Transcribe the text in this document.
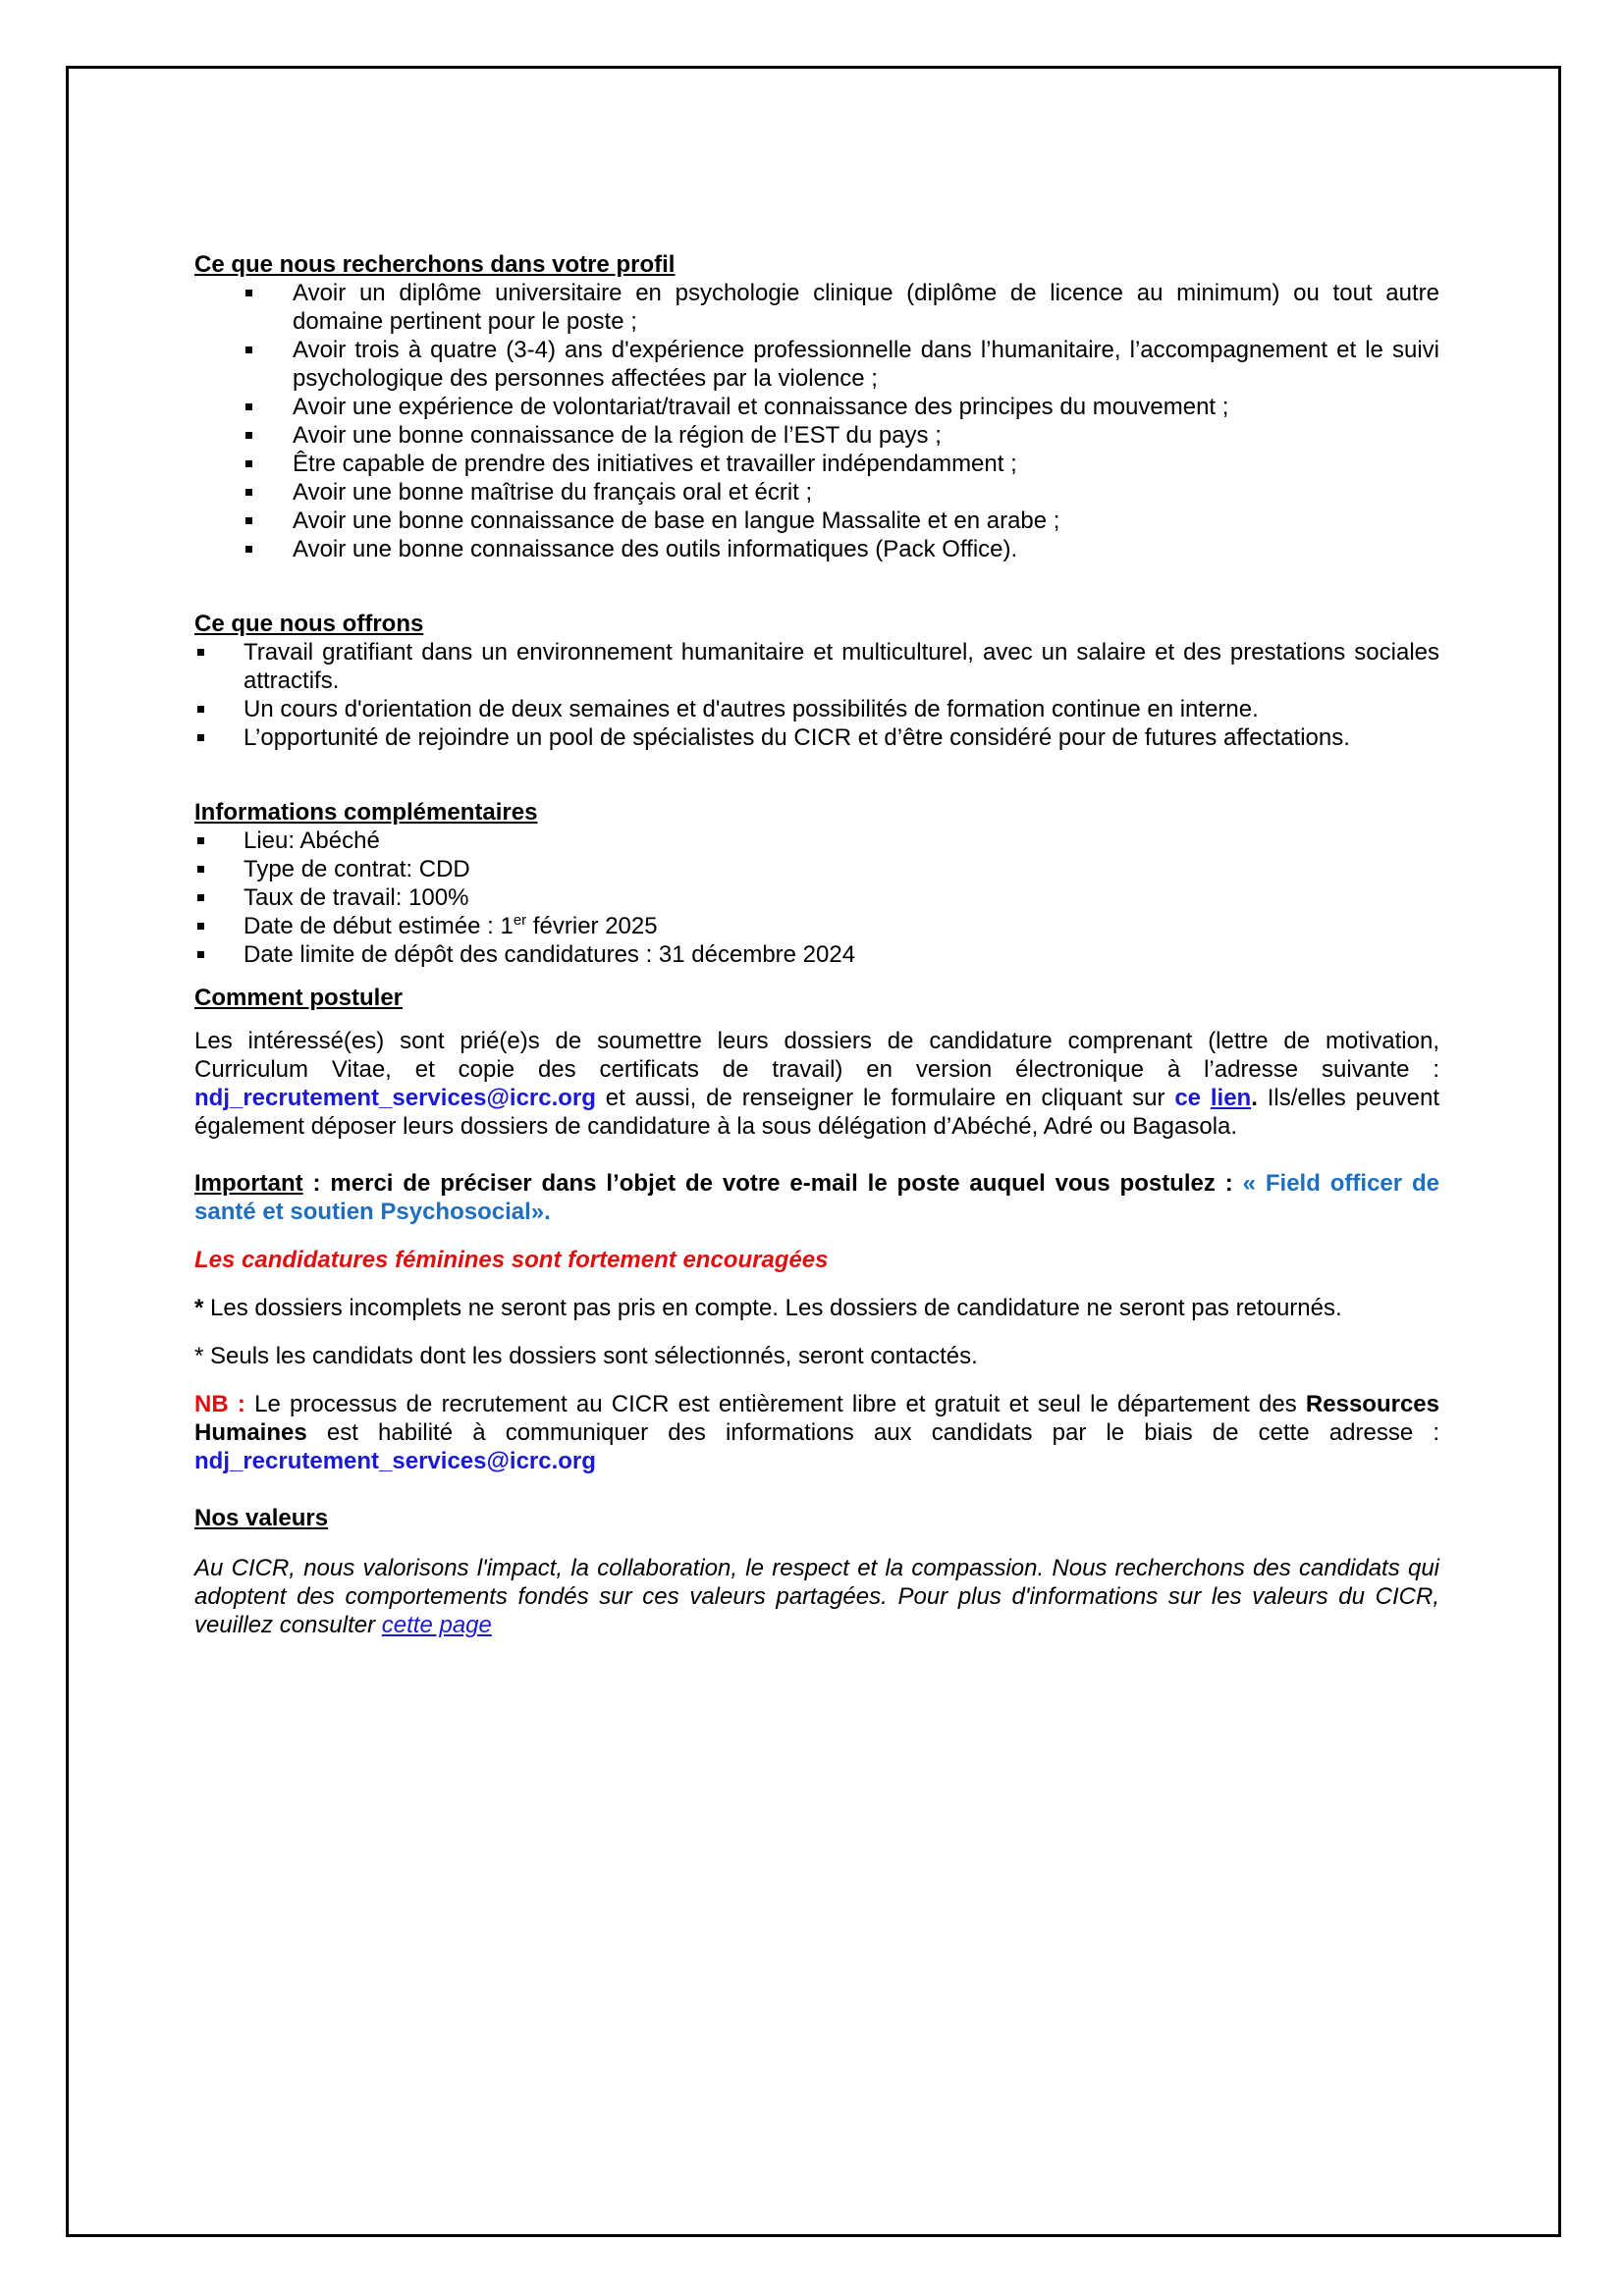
Ce que nous recherchons dans votre profil
Avoir un diplôme universitaire en psychologie clinique (diplôme de licence au minimum) ou tout autre domaine pertinent pour le poste ;
Avoir trois à quatre (3-4) ans d'expérience professionnelle dans l’humanitaire, l’accompagnement et le suivi psychologique des personnes affectées par la violence ;
Avoir une expérience de volontariat/travail et connaissance des principes du mouvement ;
Avoir une bonne connaissance de la région de l’EST du pays ;
Être capable de prendre des initiatives et travailler indépendamment ;
Avoir une bonne maîtrise du français oral et écrit ;
Avoir une bonne connaissance de base en langue Massalite et en arabe ;
Avoir une bonne connaissance des outils informatiques (Pack Office).
Ce que nous offrons
Travail gratifiant dans un environnement humanitaire et multiculturel, avec un salaire et des prestations sociales attractifs.
Un cours d'orientation de deux semaines et d'autres possibilités de formation continue en interne.
L’opportunité de rejoindre un pool de spécialistes du CICR et d’être considéré pour de futures affectations.
Informations complémentaires
Lieu: Abéché
Type de contrat: CDD
Taux de travail: 100%
Date de début estimée : 1er février 2025
Date limite de dépôt des candidatures : 31 décembre 2024
Comment postuler

Les intéressé(es) sont prié(e)s de soumettre leurs dossiers de candidature comprenant (lettre de motivation, Curriculum Vitae, et copie des certificats de travail) en version électronique à l’adresse suivante : ndj_recrutement_services@icrc.org et aussi, de renseigner le formulaire en cliquant sur ce lien. Ils/elles peuvent également déposer leurs dossiers de candidature à la sous délégation d’Abéché, Adré ou Bagasola.

Important : merci de préciser dans l’objet de votre e-mail le poste auquel vous postulez : « Field officer de santé et soutien Psychosocial».

Les candidatures féminines sont fortement encouragées

* Les dossiers incomplets ne seront pas pris en compte. Les dossiers de candidature ne seront pas retournés.

* Seuls les candidats dont les dossiers sont sélectionnés, seront contactés.

NB : Le processus de recrutement au CICR est entièrement libre et gratuit et seul le département des Ressources Humaines est habilité à communiquer des informations aux candidats par le biais de cette adresse : ndj_recrutement_services@icrc.org

Nos valeurs

Au CICR, nous valorisons l'impact, la collaboration, le respect et la compassion. Nous recherchons des candidats qui adoptent des comportements fondés sur ces valeurs partagées. Pour plus d'informations sur les valeurs du CICR, veuillez consulter cette page
